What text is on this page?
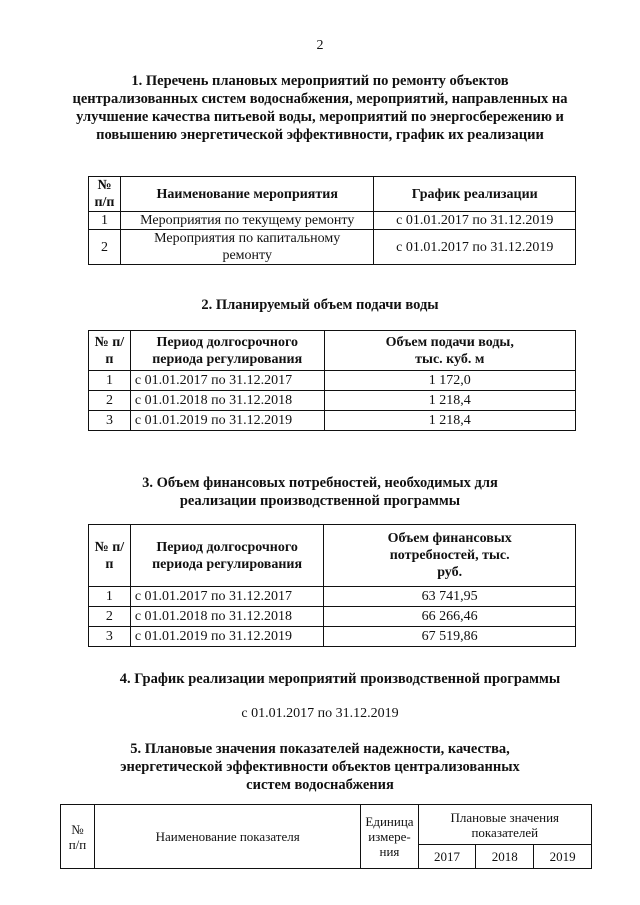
2
1. Перечень плановых мероприятий по ремонту объектов
централизованных систем водоснабжения, мероприятий, направленных на
улучшение качества питьевой воды, мероприятий по энергосбережению и
повышению энергетической эффективности, график их реализации
№ п/п	Наименование мероприятия	График реализации
1	Мероприятия по текущему ремонту	с 01.01.2017 по 31.12.2019
2	Мероприятия по капитальному ремонту	с 01.01.2017 по 31.12.2019
2. Планируемый объем подачи воды
№ п/п	Период долгосрочного периода регулирования	Объем подачи воды, тыс. куб. м
1	с 01.01.2017 по 31.12.2017	1 172,0
2	с 01.01.2018 по 31.12.2018	1 218,4
3	с 01.01.2019 по 31.12.2019	1 218,4
3. Объем финансовых потребностей, необходимых для
реализации производственной программы
№ п/п	Период долгосрочного периода регулирования	Объем финансовых потребностей, тыс. руб.
1	с 01.01.2017 по 31.12.2017	63 741,95
2	с 01.01.2018 по 31.12.2018	66 266,46
3	с 01.01.2019 по 31.12.2019	67 519,86
4. График реализации мероприятий производственной программы
с 01.01.2017 по 31.12.2019
5. Плановые значения показателей надежности, качества,
энергетической эффективности объектов централизованных
систем водоснабжения
№ п/п	Наименование показателя	Единица измере- ния	Плановые значения показателей		
			2017	2018	2019
